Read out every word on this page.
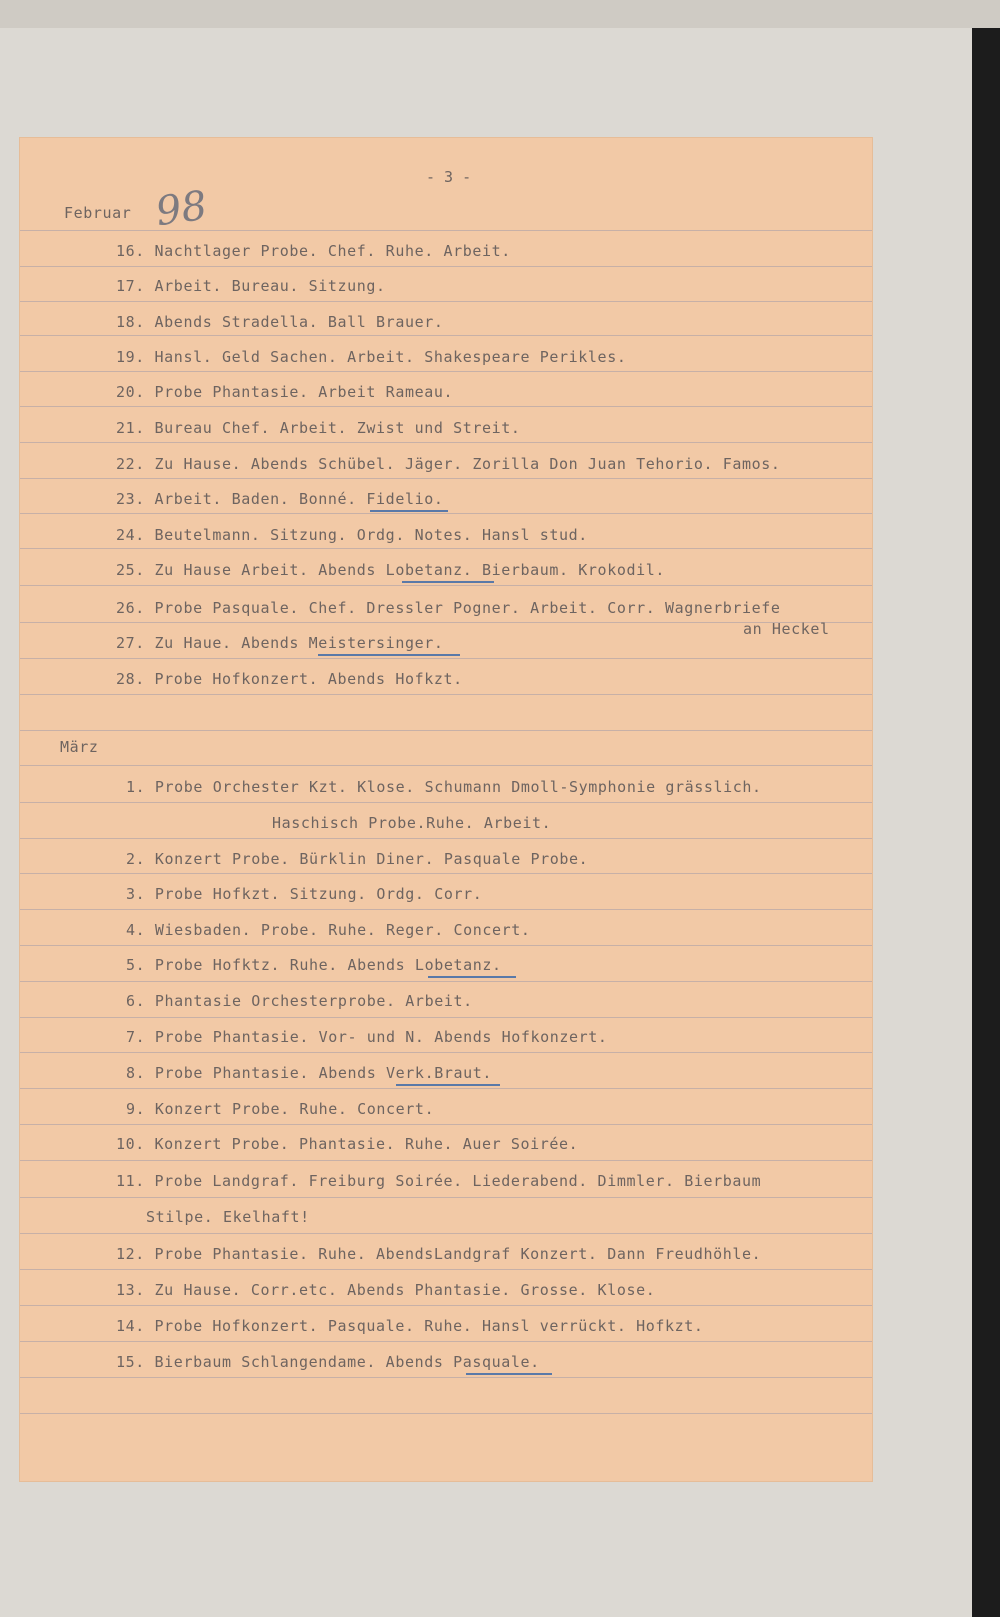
- 3 -
Februar 98
16. Nachtlager Probe. Chef. Ruhe. Arbeit.
17. Arbeit. Bureau. Sitzung.
18. Abends Stradella. Ball Brauer.
19. Hansl. Geld Sachen. Arbeit. Shakespeare Perikles.
20. Probe Phantasie. Arbeit Rameau.
21. Bureau Chef. Arbeit. Zwist und Streit.
22. Zu Hause. Abends Schübel. Jäger. Zorilla Don Juan Tehorio. Famos.
23. Arbeit. Baden. Bonné. Fidelio.
24. Beutelmann. Sitzung. Ordg. Notes. Hansl stud.
25. Zu Hause Arbeit. Abends Lobetanz. Bierbaum. Krokodil.
26. Probe Pasquale. Chef. Dressler Pogner. Arbeit. Corr. Wagnerbriefe
an Heckel
27. Zu Haue. Abends Meistersinger.
28. Probe Hofkonzert. Abends Hofkzt.
März
1. Probe Orchester Kzt. Klose. Schumann Dmoll-Symphonie grässlich.
Haschisch Probe.Ruhe. Arbeit.
2. Konzert Probe. Bürklin Diner. Pasquale Probe.
3. Probe Hofkzt. Sitzung. Ordg. Corr.
4. Wiesbaden. Probe. Ruhe. Reger. Concert.
5. Probe Hofktz. Ruhe. Abends Lobetanz.
6. Phantasie Orchesterprobe. Arbeit.
7. Probe Phantasie. Vor- und N. Abends Hofkonzert.
8. Probe Phantasie. Abends Verk.Braut.
9. Konzert Probe. Ruhe. Concert.
10. Konzert Probe. Phantasie. Ruhe. Auer Soirée.
11. Probe Landgraf. Freiburg Soirée. Liederabend. Dimmler. Bierbaum
Stilpe. Ekelhaft!
12. Probe Phantasie. Ruhe. AbendsLandgraf Konzert. Dann Freudhöhle.
13. Zu Hause. Corr.etc. Abends Phantasie. Grosse. Klose.
14. Probe Hofkonzert. Pasquale. Ruhe. Hansl verrückt. Hofkzt.
15. Bierbaum Schlangendame. Abends Pasquale.
